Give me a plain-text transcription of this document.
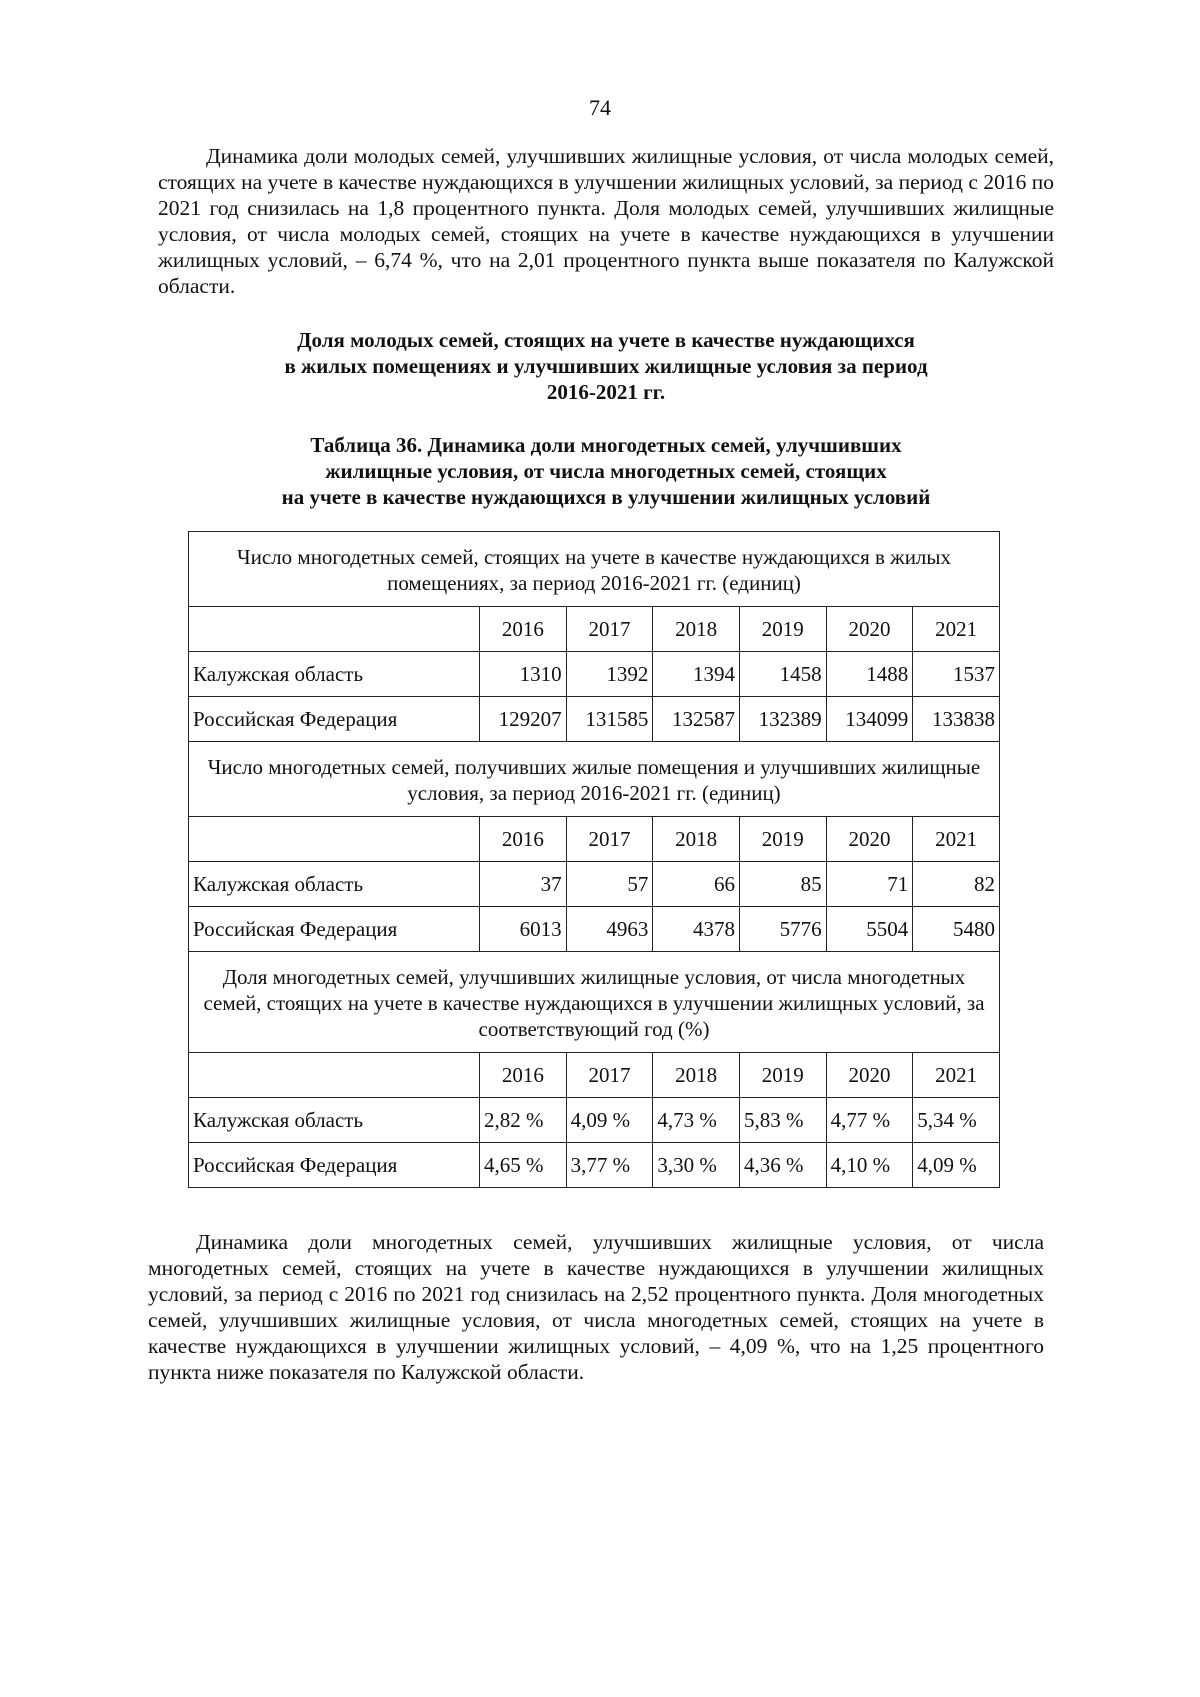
74

Динамика доли молодых семей, улучшивших жилищные условия, от числа молодых семей, стоящих на учете в качестве нуждающихся в улучшении жилищных условий, за период с 2016 по 2021 год снизилась на 1,8 процентного пункта. Доля молодых семей, улучшивших жилищные условия, от числа молодых семей, стоящих на учете в качестве нуждающихся в улучшении жилищных условий, – 6,74 %, что на 2,01 процентного пункта выше показателя по Калужской области.

Доля молодых семей, стоящих на учете в качестве нуждающихся
в жилых помещениях и улучшивших жилищные условия за период
2016-2021 гг.
Таблица 36. Динамика доли многодетных семей, улучшивших
жилищные условия, от числа многодетных семей, стоящих
на учете в качестве нуждающихся в улучшении жилищных условий
Число многодетных семей, стоящих на учете в качестве нуждающихся в жилых помещениях, за период 2016-2021 гг. (единиц)						
	2016	2017	2018	2019	2020	2021
Калужская область	1310	1392	1394	1458	1488	1537
Российская Федерация	129207	131585	132587	132389	134099	133838
Число многодетных семей, получивших жилые помещения и улучшивших жилищные условия, за период 2016-2021 гг. (единиц)						
	2016	2017	2018	2019	2020	2021
Калужская область	37	57	66	85	71	82
Российская Федерация	6013	4963	4378	5776	5504	5480
Доля многодетных семей, улучшивших жилищные условия, от числа многодетных семей, стоящих на учете в качестве нуждающихся в улучшении жилищных условий, за соответствующий год (%)						
	2016	2017	2018	2019	2020	2021
Калужская область	2,82 %	4,09 %	4,73 %	5,83 %	4,77 %	5,34 %
Российская Федерация	4,65 %	3,77 %	3,30 %	4,36 %	4,10 %	4,09 %

Динамика доли многодетных семей, улучшивших жилищные условия, от числа многодетных семей, стоящих на учете в качестве нуждающихся в улучшении жилищных условий, за период с 2016 по 2021 год снизилась на 2,52 процентного пункта. Доля многодетных семей, улучшивших жилищные условия, от числа многодетных семей, стоящих на учете в качестве нуждающихся в улучшении жилищных условий, – 4,09 %, что на 1,25 процентного пункта ниже показателя по Калужской области.
